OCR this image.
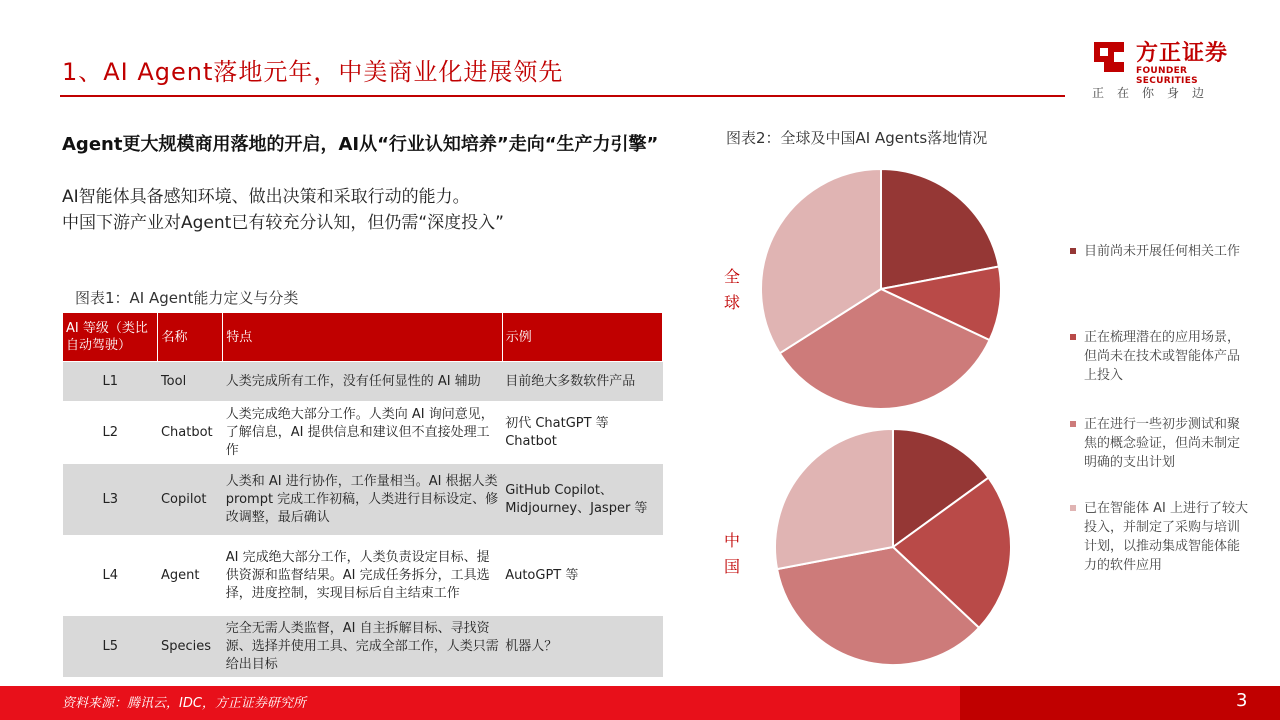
1、AI Agent落地元年，中美商业化进展领先
方正证券
FOUNDER SECURITIES
正在你身边
Agent更大规模商用落地的开启，AI从“行业认知培养”走向“生产力引擎”
AI智能体具备感知环境、做出决策和采取行动的能力。
中国下游产业对Agent已有较充分认知，但仍需“深度投入”
图表1：AI Agent能力定义与分类
AI 等级（类比自动驾驶）	名称	特点	示例
L1	Tool	人类完成所有工作，没有任何显性的 AI 辅助	目前绝大多数软件产品
L2	Chatbot	人类完成绝大部分工作。人类向 AI 询问意见，了解信息，AI 提供信息和建议但不直接处理工作	初代 ChatGPT 等 Chatbot
L3	Copilot	人类和 AI 进行协作，工作量相当。AI 根据人类 prompt 完成工作初稿，人类进行目标设定、修改调整，最后确认	GitHub Copilot、Midjourney、Jasper 等
L4	Agent	AI 完成绝大部分工作，人类负责设定目标、提供资源和监督结果。AI 完成任务拆分，工具选择，进度控制，实现目标后自主结束工作	AutoGPT 等
L5	Species	完全无需人类监督，AI 自主拆解目标、寻找资源、选择并使用工具、完成全部工作，人类只需给出目标	机器人？
图表2：全球及中国AI Agents落地情况
全球
中国
目前尚未开展任何相关工作
正在梳理潜在的应用场景，但尚未在技术或智能体产品上投入
正在进行一些初步测试和聚焦的概念验证，但尚未制定明确的支出计划
已在智能体 AI 上进行了较大投入，并制定了采购与培训计划，以推动集成智能体能力的软件应用
资料来源：腾讯云，IDC，方正证券研究所	3
